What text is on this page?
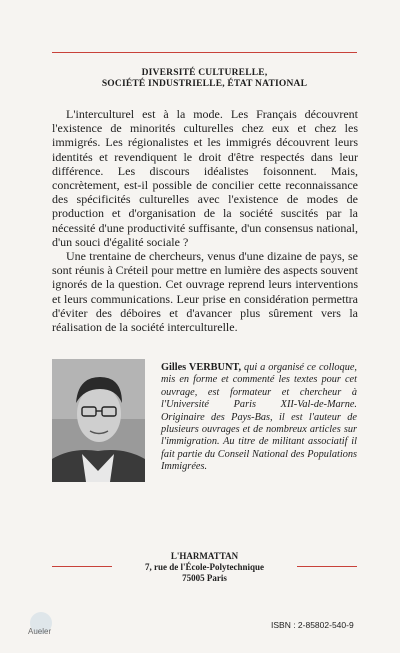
DIVERSITÉ CULTURELLE,
SOCIÉTÉ INDUSTRIELLE, ÉTAT NATIONAL

L'interculturel est à la mode. Les Français découvrent l'existence de minorités culturelles chez eux et chez les immigrés. Les régionalistes et les immigrés découvrent leurs identités et revendiquent le droit d'être respectés dans leur différence. Les discours idéalistes foisonnent. Mais, concrètement, est-il possible de concilier cette reconnaissance des spécificités culturelles avec l'existence de modes de production et d'organisation de la société suscités par la nécessité d'une productivité suffisante, d'un consensus national, d'un souci d'égalité sociale ?

Une trentaine de chercheurs, venus d'une dizaine de pays, se sont réunis à Créteil pour mettre en lumière des aspects souvent ignorés de la question. Cet ouvrage reprend leurs interventions et leurs communications. Leur prise en considération permettra d'éviter des déboires et d'avancer plus sûrement vers la réalisation de la société interculturelle.

Gilles VERBUNT, qui a organisé ce colloque, mis en forme et commenté les textes pour cet ouvrage, est formateur et chercheur à l'Université Paris XII-Val-de-Marne. Originaire des Pays-Bas, il est l'auteur de plusieurs ouvrages et de nombreux articles sur l'immigration. Au titre de militant associatif il fait partie du Conseil National des Populations Immigrées.
L'HARMATTAN
7, rue de l'École-Polytechnique
75005 Paris
Aueler
ISBN : 2-85802-540-9
